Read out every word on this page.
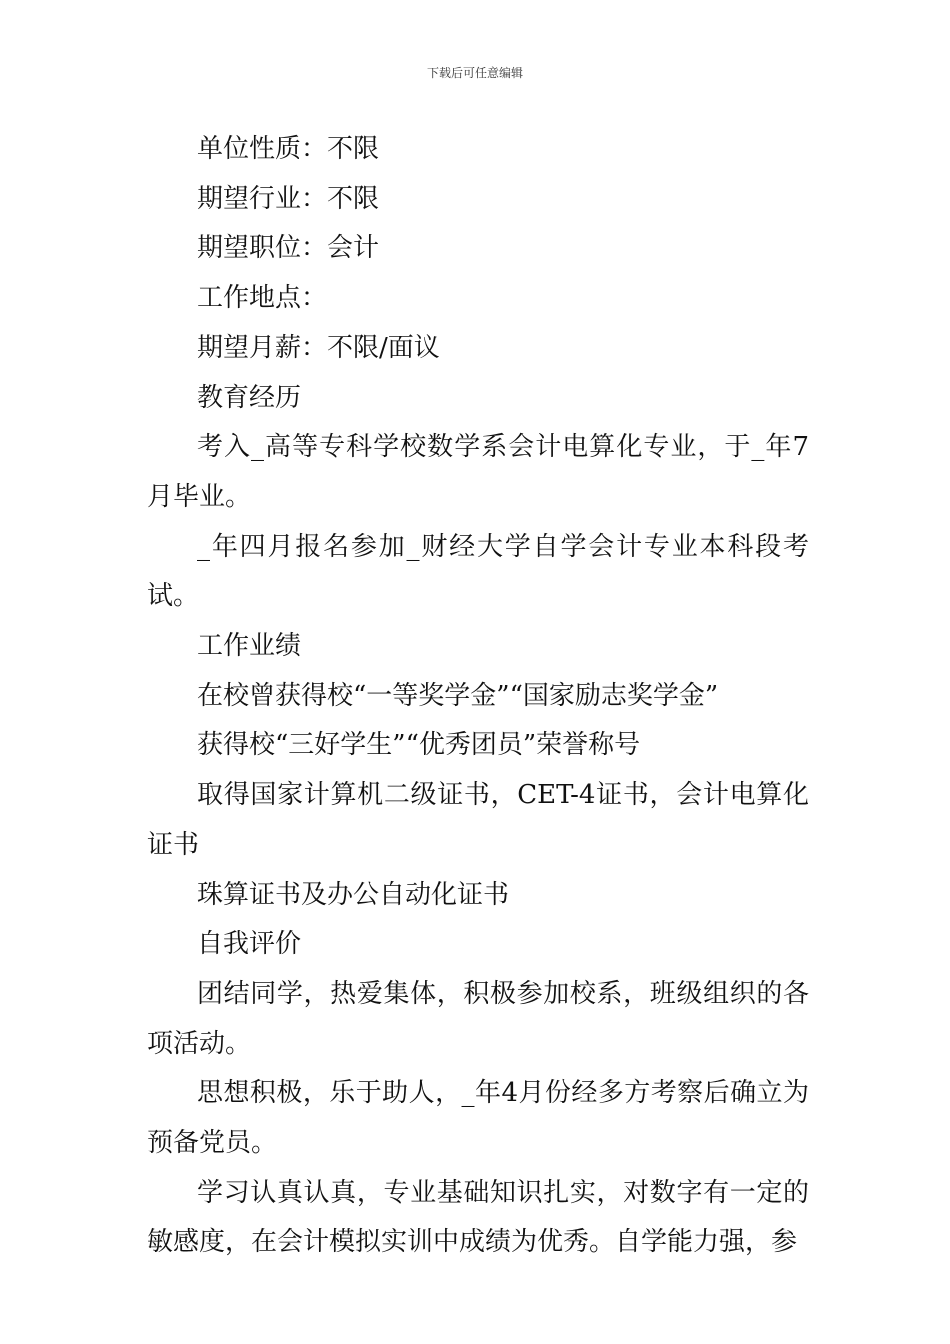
下载后可任意编辑

单位性质：不限

期望行业：不限

期望职位：会计

工作地点：

期望月薪：不限/面议

教育经历

考入_高等专科学校数学系会计电算化专业，于_年7月毕业。

_年四月报名参加_财经大学自学会计专业本科段考试。

工作业绩

在校曾获得校“一等奖学金”“国家励志奖学金”

获得校“三好学生”“优秀团员”荣誉称号

取得国家计算机二级证书，CET-4证书，会计电算化证书

珠算证书及办公自动化证书

自我评价

团结同学，热爱集体，积极参加校系，班级组织的各项活动。

思想积极，乐于助人，_年4月份经多方考察后确立为预备党员。

学习认真认真，专业基础知识扎实，对数字有一定的敏感度，在会计模拟实训中成绩为优秀。自学能力强，参
